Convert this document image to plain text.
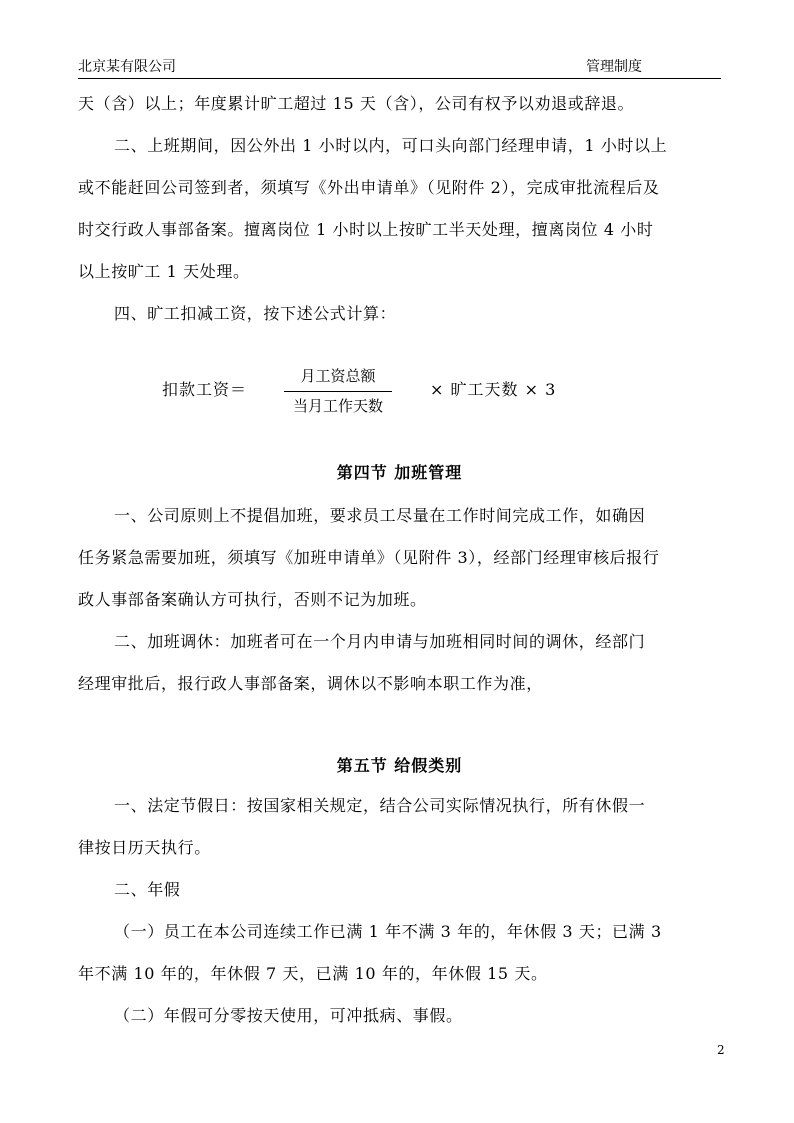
北京某有限公司	管理制度

天（含）以上；年度累计旷工超过 15 天（含），公司有权予以劝退或辞退。

二、上班期间，因公外出 1 小时以内，可口头向部门经理申请，1 小时以上
或不能赶回公司签到者，须填写《外出申请单》（见附件 2），完成审批流程后及
时交行政人事部备案。擅离岗位 1 小时以上按旷工半天处理，擅离岗位 4 小时
以上按旷工 1 天处理。

四、旷工扣减工资，按下述公式计算：

扣款工资＝
月工资总额
当月工作天数
× 旷工天数 × 3
第四节 加班管理

一、公司原则上不提倡加班，要求员工尽量在工作时间完成工作，如确因
任务紧急需要加班，须填写《加班申请单》（见附件 3），经部门经理审核后报行
政人事部备案确认方可执行，否则不记为加班。

二、加班调休：加班者可在一个月内申请与加班相同时间的调休，经部门
经理审批后，报行政人事部备案，调休以不影响本职工作为准，

第五节 给假类别

一、法定节假日：按国家相关规定，结合公司实际情况执行，所有休假一
律按日历天执行。

二、年假

（一）员工在本公司连续工作已满 1 年不满 3 年的，年休假 3 天；已满 3
年不满 10 年的，年休假 7 天，已满 10 年的，年休假 15 天。

（二）年假可分零按天使用，可冲抵病、事假。

2
